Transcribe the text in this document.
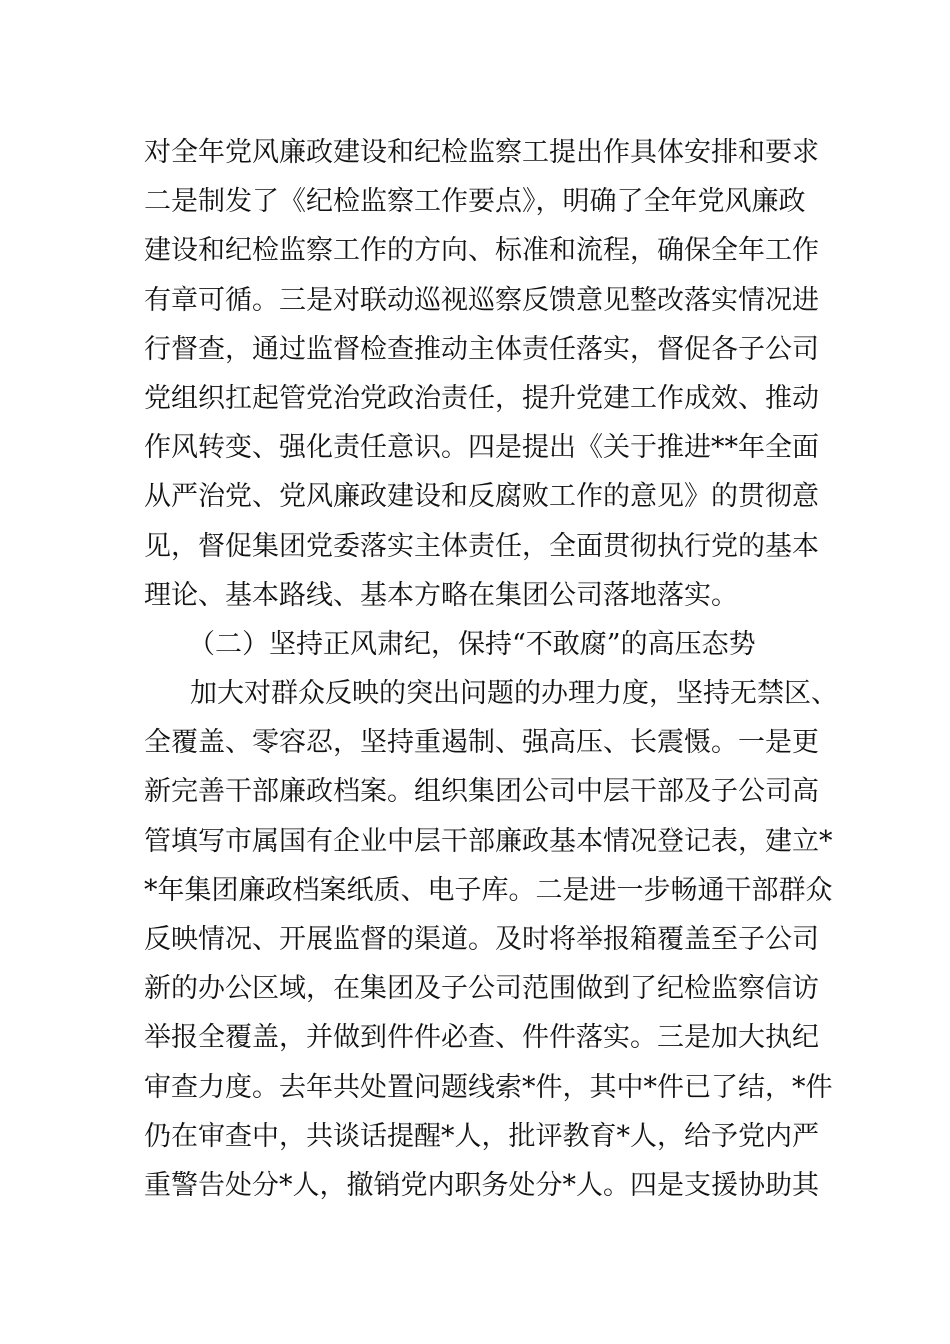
对全年党风廉政建设和纪检监察工提出作具体安排和要求
二是制发了《纪检监察工作要点》，明确了全年党风廉政
建设和纪检监察工作的方向、标准和流程，确保全年工作
有章可循。三是对联动巡视巡察反馈意见整改落实情况进
行督查，通过监督检查推动主体责任落实，督促各子公司
党组织扛起管党治党政治责任，提升党建工作成效、推动
作风转变、强化责任意识。四是提出《关于推进**年全面
从严治党、党风廉政建设和反腐败工作的意见》的贯彻意
见，督促集团党委落实主体责任，全面贯彻执行党的基本
理论、基本路线、基本方略在集团公司落地落实。
（二）坚持正风肃纪，保持“不敢腐”的高压态势
加大对群众反映的突出问题的办理力度，坚持无禁区、
全覆盖、零容忍，坚持重遏制、强高压、长震慑。一是更
新完善干部廉政档案。组织集团公司中层干部及子公司高
管填写市属国有企业中层干部廉政基本情况登记表，建立*
*年集团廉政档案纸质、电子库。二是进一步畅通干部群众
反映情况、开展监督的渠道。及时将举报箱覆盖至子公司
新的办公区域，在集团及子公司范围做到了纪检监察信访
举报全覆盖，并做到件件必查、件件落实。三是加大执纪
审查力度。去年共处置问题线索*件，其中*件已了结，*件
仍在审查中，共谈话提醒*人，批评教育*人，给予党内严
重警告处分*人，撤销党内职务处分*人。四是支援协助其
